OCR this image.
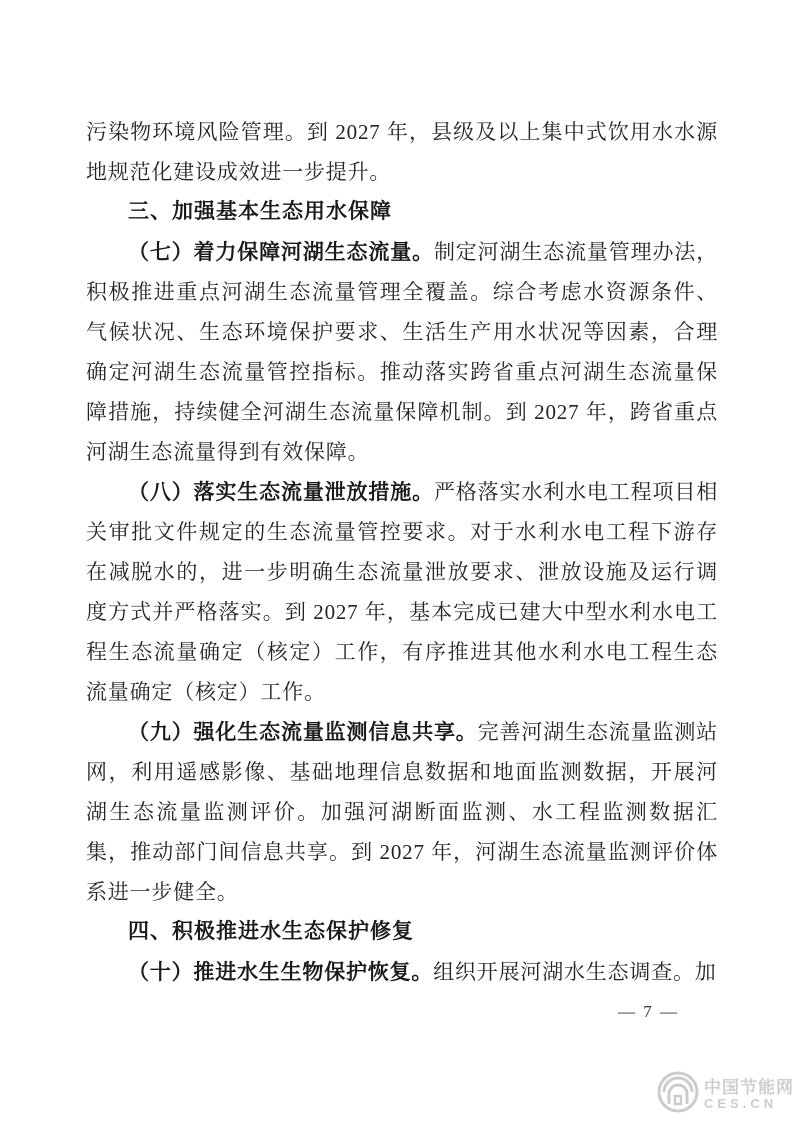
污染物环境风险管理。到 2027 年，县级及以上集中式饮用水水源地规范化建设成效进一步提升。

三、加强基本生态用水保障

（七）着力保障河湖生态流量。制定河湖生态流量管理办法，积极推进重点河湖生态流量管理全覆盖。综合考虑水资源条件、气候状况、生态环境保护要求、生活生产用水状况等因素，合理确定河湖生态流量管控指标。推动落实跨省重点河湖生态流量保障措施，持续健全河湖生态流量保障机制。到 2027 年，跨省重点河湖生态流量得到有效保障。

（八）落实生态流量泄放措施。严格落实水利水电工程项目相关审批文件规定的生态流量管控要求。对于水利水电工程下游存在减脱水的，进一步明确生态流量泄放要求、泄放设施及运行调度方式并严格落实。到 2027 年，基本完成已建大中型水利水电工程生态流量确定（核定）工作，有序推进其他水利水电工程生态流量确定（核定）工作。

（九）强化生态流量监测信息共享。完善河湖生态流量监测站网，利用遥感影像、基础地理信息数据和地面监测数据，开展河湖生态流量监测评价。加强河湖断面监测、水工程监测数据汇集，推动部门间信息共享。到 2027 年，河湖生态流量监测评价体系进一步健全。

四、积极推进水生态保护修复

（十）推进水生生物保护恢复。组织开展河湖水生态调查。加

— 7 —
中国节能网
CES.CN
